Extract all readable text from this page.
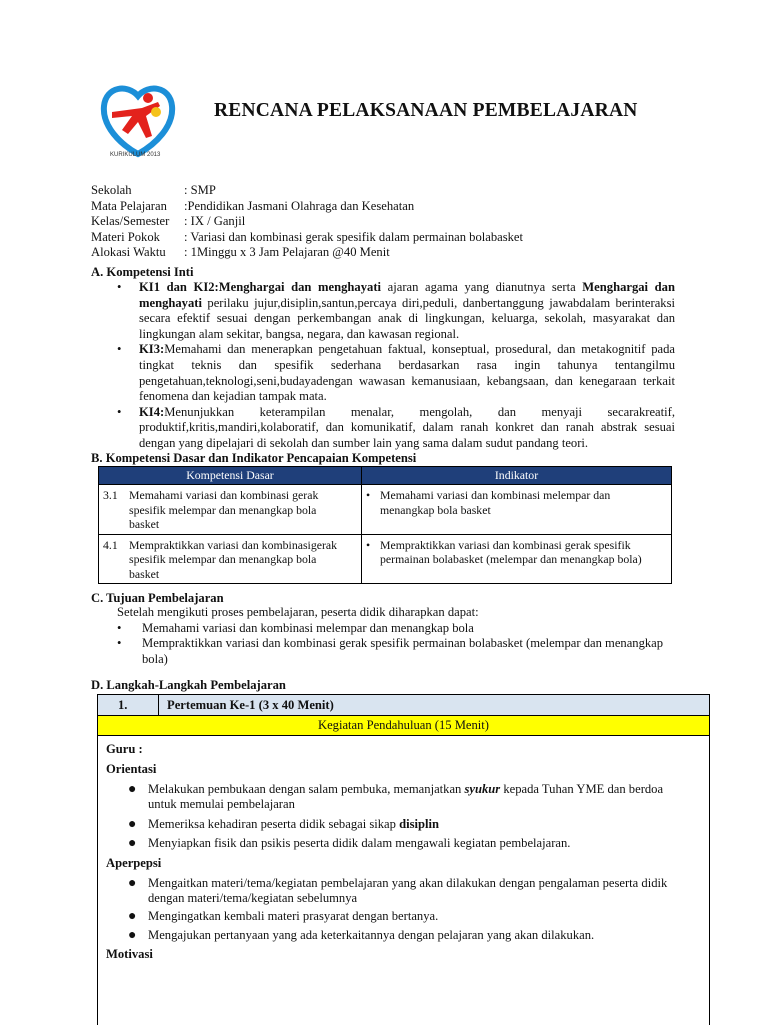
KURIKULUM 2013
RENCANA PELAKSANAAN PEMBELAJARAN
Sekolah	: SMP
Mata Pelajaran	:Pendidikan Jasmani Olahraga dan Kesehatan
Kelas/Semester	: IX / Ganjil
Materi Pokok	: Variasi dan kombinasi gerak spesifik dalam permainan bolabasket
Alokasi Waktu	: 1Minggu x 3 Jam Pelajaran @40 Menit
A. Kompetensi Inti
•	KI1 dan KI2:Menghargai dan menghayati ajaran agama yang dianutnya serta Menghargai dan menghayati perilaku jujur,disiplin,santun,percaya diri,peduli, danbertanggung jawabdalam berinteraksi secara efektif sesuai dengan perkembangan anak di lingkungan, keluarga, sekolah, masyarakat dan lingkungan alam sekitar, bangsa, negara, dan kawasan regional.
•	KI3:Memahami dan menerapkan pengetahuan faktual, konseptual, prosedural, dan metakognitif pada tingkat teknis dan spesifik sederhana berdasarkan rasa ingin tahunya tentangilmu pengetahuan,teknologi,seni,budayadengan wawasan kemanusiaan, kebangsaan, dan kenegaraan terkait fenomena dan kejadian tampak mata.
•	KI4:Menunjukkan keterampilan menalar, mengolah, dan menyaji secarakreatif, produktif,kritis,mandiri,kolaboratif, dan komunikatif, dalam ranah konkret dan ranah abstrak sesuai dengan yang dipelajari di sekolah dan sumber lain yang sama dalam sudut pandang teori.
B. Kompetensi Dasar dan Indikator Pencapaian Kompetensi
Kompetensi Dasar	Indikator

3.1 Memahami variasi dan kombinasi gerak spesifik melempar dan menangkap bola basket	• Memahami variasi dan kombinasi melempar dan menangkap bola basket

4.1 Mempraktikkan variasi dan kombinasigerak spesifik melempar dan menangkap bola basket	• Mempraktikkan variasi dan kombinasi gerak spesifik permainan bolabasket (melempar dan menangkap bola)
C. Tujuan Pembelajaran
Setelah mengikuti proses pembelajaran, peserta didik diharapkan dapat:
•	Memahami variasi dan kombinasi melempar dan menangkap bola
•	Mempraktikkan variasi dan kombinasi gerak spesifik permainan bolabasket (melempar dan menangkap bola)
D. Langkah-Langkah Pembelajaran
1.	Pertemuan Ke-1 (3 x 40 Menit)
Kegiatan Pendahuluan (15 Menit)
Guru :
Orientasi
● Melakukan pembukaan dengan salam pembuka, memanjatkan syukur kepada Tuhan YME dan berdoa untuk memulai pembelajaran
● Memeriksa kehadiran peserta didik sebagai sikap disiplin
● Menyiapkan fisik dan psikis peserta didik dalam mengawali kegiatan pembelajaran.
Aperpepsi
● Mengaitkan materi/tema/kegiatan pembelajaran yang akan dilakukan dengan pengalaman peserta didik dengan materi/tema/kegiatan sebelumnya
● Mengingatkan kembali materi prasyarat dengan bertanya.
● Mengajukan pertanyaan yang ada keterkaitannya dengan pelajaran yang akan dilakukan.
Motivasi
